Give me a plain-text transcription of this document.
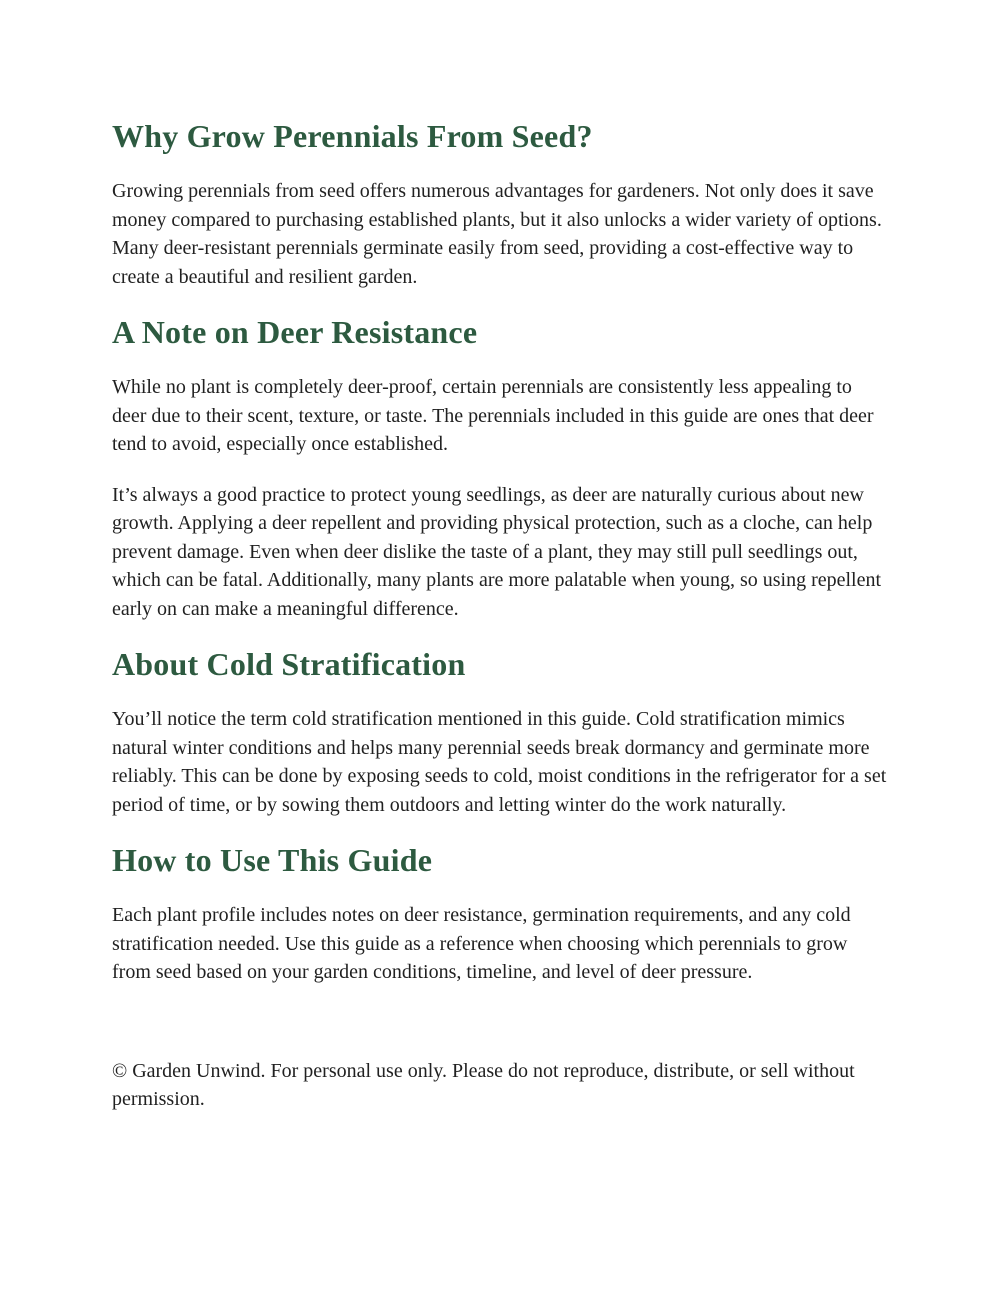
Why Grow Perennials From Seed?

Growing perennials from seed offers numerous advantages for gardeners. Not only does it save money compared to purchasing established plants, but it also unlocks a wider variety of options. Many deer-resistant perennials germinate easily from seed, providing a cost-effective way to create a beautiful and resilient garden.

A Note on Deer Resistance

While no plant is completely deer-proof, certain perennials are consistently less appealing to deer due to their scent, texture, or taste. The perennials included in this guide are ones that deer tend to avoid, especially once established.

It’s always a good practice to protect young seedlings, as deer are naturally curious about new growth. Applying a deer repellent and providing physical protection, such as a cloche, can help prevent damage. Even when deer dislike the taste of a plant, they may still pull seedlings out, which can be fatal. Additionally, many plants are more palatable when young, so using repellent early on can make a meaningful difference.

About Cold Stratification

You’ll notice the term cold stratification mentioned in this guide. Cold stratification mimics natural winter conditions and helps many perennial seeds break dormancy and germinate more reliably. This can be done by exposing seeds to cold, moist conditions in the refrigerator for a set period of time, or by sowing them outdoors and letting winter do the work naturally.

How to Use This Guide

Each plant profile includes notes on deer resistance, germination requirements, and any cold stratification needed. Use this guide as a reference when choosing which perennials to grow from seed based on your garden conditions, timeline, and level of deer pressure.

© Garden Unwind. For personal use only. Please do not reproduce, distribute, or sell without permission.
